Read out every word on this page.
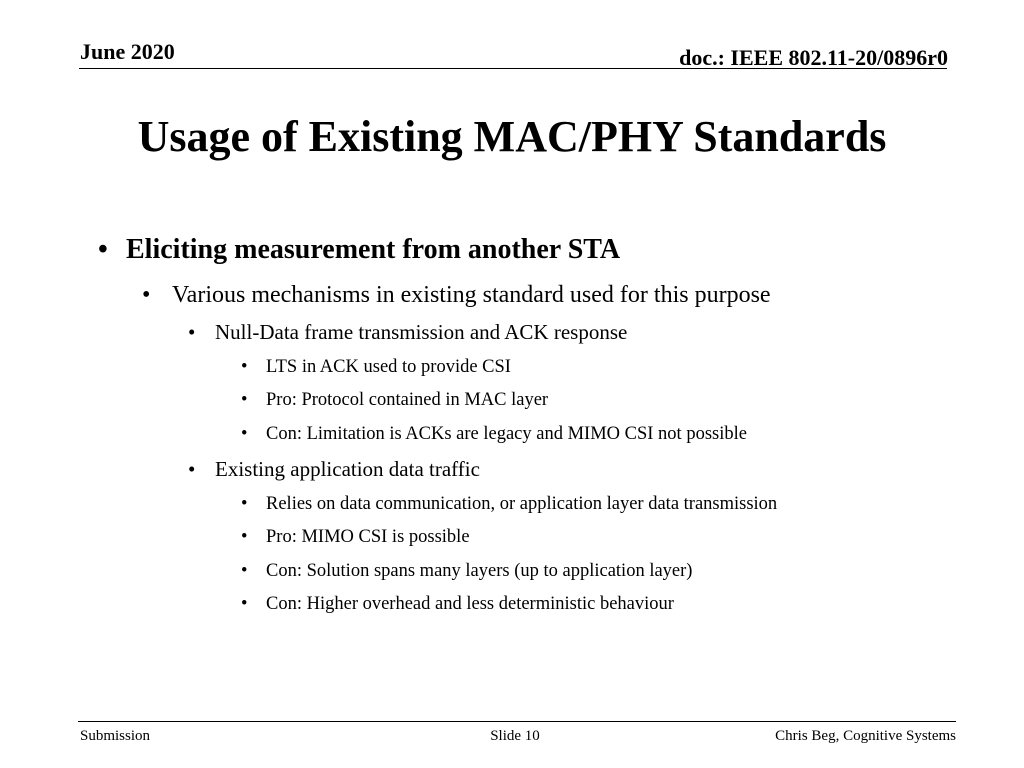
June 2020	doc.: IEEE 802.11-20/0896r0
Usage of Existing MAC/PHY Standards
• Eliciting measurement from another STA
• Various mechanisms in existing standard used for this purpose
• Null-Data frame transmission and ACK response
• LTS in ACK used to provide CSI
• Pro: Protocol contained in MAC layer
• Con: Limitation is ACKs are legacy and MIMO CSI not possible
• Existing application data traffic
• Relies on data communication, or application layer data transmission
• Pro: MIMO CSI is possible
• Con: Solution spans many layers (up to application layer)
• Con: Higher overhead and less deterministic behaviour
Submission	Slide 10	Chris Beg, Cognitive Systems
